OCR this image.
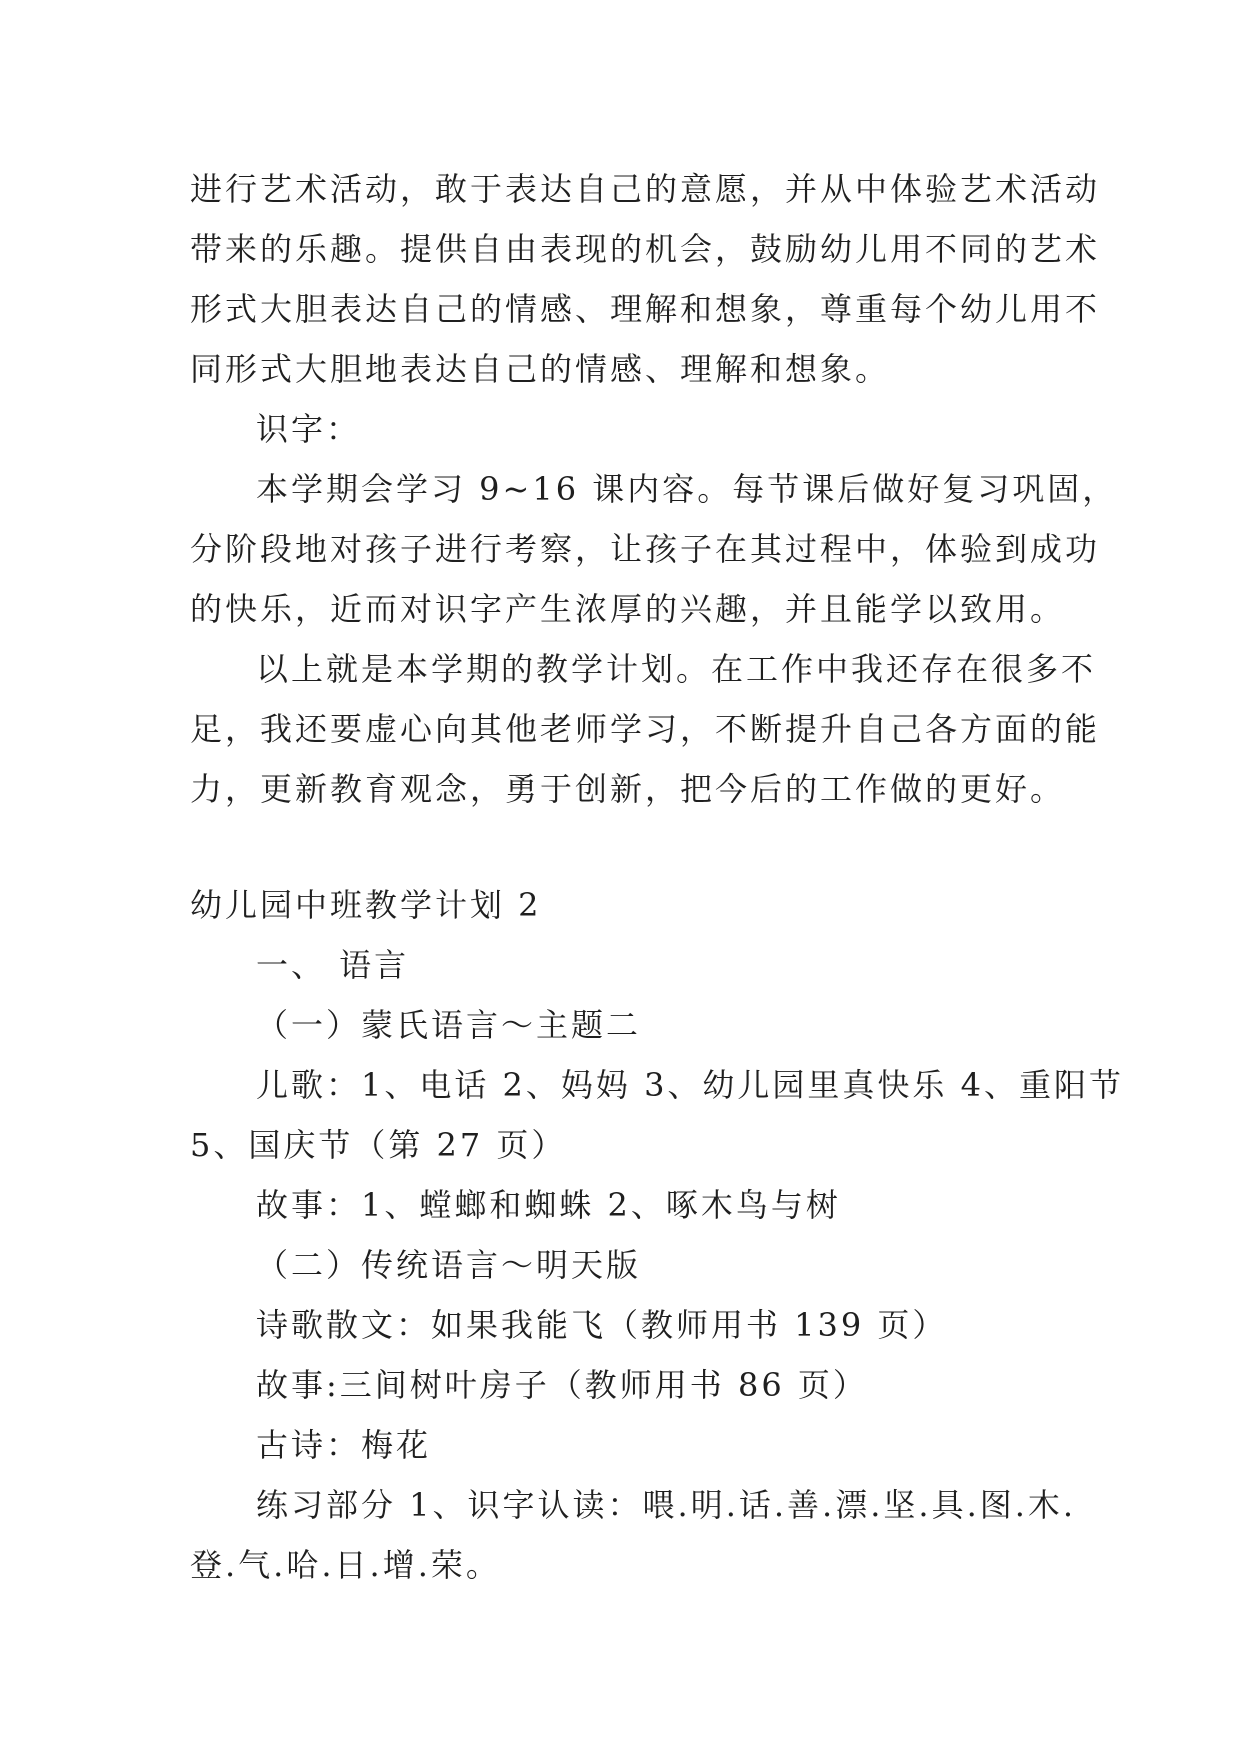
进行艺术活动，敢于表达自己的意愿，并从中体验艺术活动
带来的乐趣。提供自由表现的机会，鼓励幼儿用不同的艺术
形式大胆表达自己的情感、理解和想象，尊重每个幼儿用不
同形式大胆地表达自己的情感、理解和想象。
识字：
本学期会学习 9~16 课内容。每节课后做好复习巩固，
分阶段地对孩子进行考察，让孩子在其过程中，体验到成功
的快乐，近而对识字产生浓厚的兴趣，并且能学以致用。
以上就是本学期的教学计划。在工作中我还存在很多不
足，我还要虚心向其他老师学习，不断提升自己各方面的能
力，更新教育观念，勇于创新，把今后的工作做的更好。
幼儿园中班教学计划 2
一、 语言
（一）蒙氏语言～主题二
儿歌：1、电话 2、妈妈 3、幼儿园里真快乐 4、重阳节
5、国庆节（第 27 页）
故事：1、螳螂和蜘蛛 2、啄木鸟与树
（二）传统语言～明天版
诗歌散文：如果我能飞（教师用书 139 页）
故事:三间树叶房子（教师用书 86 页）
古诗：梅花
练习部分 1、识字认读：喂.明.话.善.漂.坚.具.图.木.
登.气.哈.日.增.荣。
